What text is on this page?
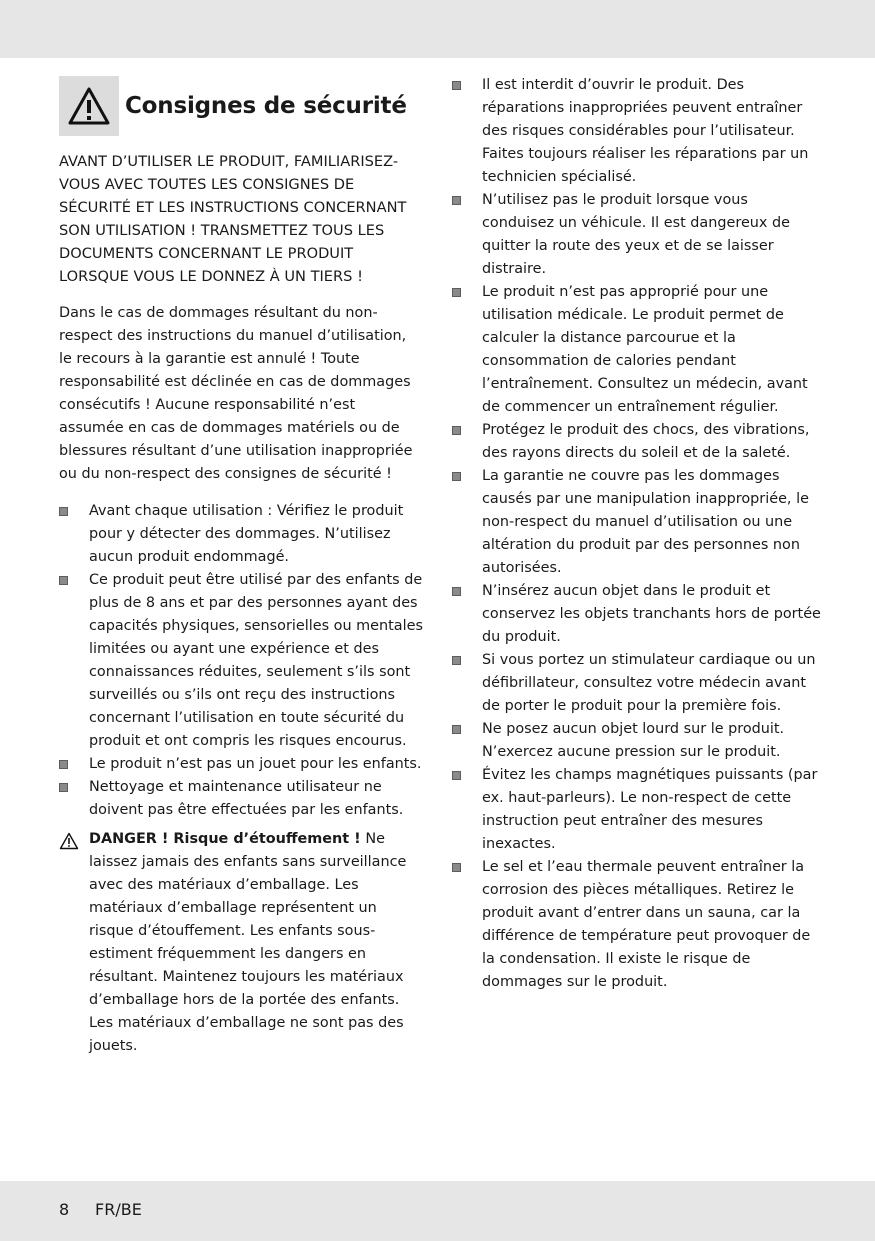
Consignes de sécurité

AVANT D’UTILISER LE PRODUIT, FAMILIARISEZ-VOUS AVEC TOUTES LES CONSIGNES DE SÉCURITÉ ET LES INSTRUCTIONS CONCERNANT SON UTILISATION ! TRANSMETTEZ TOUS LES DOCUMENTS CONCERNANT LE PRODUIT LORSQUE VOUS LE DONNEZ À UN TIERS !

Dans le cas de dommages résultant du non-respect des instructions du manuel d’utilisation, le recours à la garantie est annulé ! Toute responsabilité est déclinée en cas de dommages consécutifs ! Aucune responsabilité n’est assumée en cas de dommages matériels ou de blessures résultant d’une utilisation inappropriée ou du non-respect des consignes de sécurité !

Avant chaque utilisation : Vérifiez le produit pour y détecter des dommages. N’utilisez aucun produit endommagé.
Ce produit peut être utilisé par des enfants de plus de 8 ans et par des personnes ayant des capacités physiques, sensorielles ou mentales limitées ou ayant une expérience et des connaissances réduites, seulement s’ils sont surveillés ou s’ils ont reçu des instructions concernant l’utilisation en toute sécurité du produit et ont compris les risques encourus.
Le produit n’est pas un jouet pour les enfants.
Nettoyage et maintenance utilisateur ne doivent pas être effectuées par les enfants.
DANGER ! Risque d’étouffement ! Ne laissez jamais des enfants sans surveillance avec des matériaux d’emballage. Les matériaux d’emballage représentent un risque d’étouffement. Les enfants sous-estiment fréquemment les dangers en résultant. Maintenez toujours les matériaux d’emballage hors de la portée des enfants. Les matériaux d’emballage ne sont pas des jouets.
Il est interdit d’ouvrir le produit. Des réparations inappropriées peuvent entraîner des risques considérables pour l’utilisateur. Faites toujours réaliser les réparations par un technicien spécialisé.
N’utilisez pas le produit lorsque vous conduisez un véhicule. Il est dangereux de quitter la route des yeux et de se laisser distraire.
Le produit n’est pas approprié pour une utilisation médicale. Le produit permet de calculer la distance parcourue et la consommation de calories pendant l’entraînement. Consultez un médecin, avant de commencer un entraînement régulier.
Protégez le produit des chocs, des vibrations, des rayons directs du soleil et de la saleté.
La garantie ne couvre pas les dommages causés par une manipulation inappropriée, le non-respect du manuel d’utilisation ou une altération du produit par des personnes non autorisées.
N’insérez aucun objet dans le produit et conservez les objets tranchants hors de portée du produit.
Si vous portez un stimulateur cardiaque ou un défibrillateur, consultez votre médecin avant de porter le produit pour la première fois.
Ne posez aucun objet lourd sur le produit. N’exercez aucune pression sur le produit.
Évitez les champs magnétiques puissants (par ex. haut-parleurs). Le non-respect de cette instruction peut entraîner des mesures inexactes.
Le sel et l’eau thermale peuvent entraîner la corrosion des pièces métalliques. Retirez le produit avant d’entrer dans un sauna, car la différence de température peut provoquer de la condensation. Il existe le risque de dommages sur le produit.
8 FR/BE
